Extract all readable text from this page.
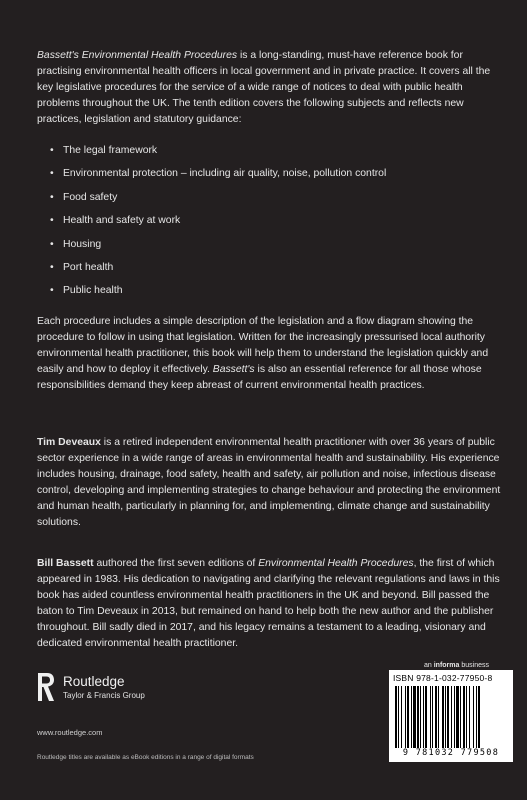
Bassett's Environmental Health Procedures is a long-standing, must-have reference book for practising environmental health officers in local government and in private practice. It covers all the key legislative procedures for the service of a wide range of notices to deal with public health problems throughout the UK. The tenth edition covers the following subjects and reflects new practices, legislation and statutory guidance:
• The legal framework
• Environmental protection – including air quality, noise, pollution control
• Food safety
• Health and safety at work
• Housing
• Port health
• Public health
Each procedure includes a simple description of the legislation and a flow diagram showing the procedure to follow in using that legislation. Written for the increasingly pressurised local authority environmental health practitioner, this book will help them to understand the legislation quickly and easily and how to deploy it effectively. Bassett's is also an essential reference for all those whose responsibilities demand they keep abreast of current environmental health practices.
Tim Deveaux is a retired independent environmental health practitioner with over 36 years of public sector experience in a wide range of areas in environmental health and sustainability. His experience includes housing, drainage, food safety, health and safety, air pollution and noise, infectious disease control, developing and implementing strategies to change behaviour and protecting the environment and human health, particularly in planning for, and implementing, climate change and sustainability solutions.
Bill Bassett authored the first seven editions of Environmental Health Procedures, the first of which appeared in 1983. His dedication to navigating and clarifying the relevant regulations and laws in this book has aided countless environmental health practitioners in the UK and beyond. Bill passed the baton to Tim Deveaux in 2013, but remained on hand to help both the new author and the publisher throughout. Bill sadly died in 2017, and his legacy remains a testament to a leading, visionary and dedicated environmental health practitioner.
Routledge
Taylor & Francis Group
www.routledge.com
Routledge titles are available as eBook editions in a range of digital formats
an informa business
ISBN 978-1-032-77950-8
9 781032 779508
